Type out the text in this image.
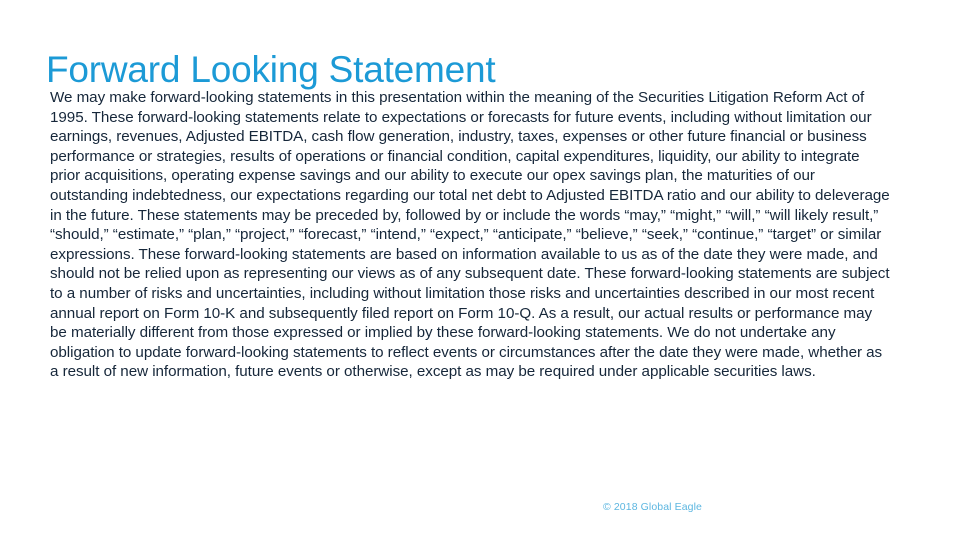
Forward Looking Statement

We may make forward-looking statements in this presentation within the meaning of the Securities Litigation Reform Act of 1995. These forward-looking statements relate to expectations or forecasts for future events, including without limitation our earnings, revenues, Adjusted EBITDA, cash flow generation, industry, taxes, expenses or other future financial or business performance or strategies, results of operations or financial condition, capital expenditures, liquidity, our ability to integrate prior acquisitions, operating expense savings and our ability to execute our opex savings plan, the maturities of our outstanding indebtedness, our expectations regarding our total net debt to Adjusted EBITDA ratio and our ability to deleverage in the future. These statements may be preceded by, followed by or include the words “may,” “might,” “will,” “will likely result,” “should,” “estimate,” “plan,” “project,” “forecast,” “intend,” “expect,” “anticipate,” “believe,” “seek,” “continue,” “target” or similar expressions. These forward-looking statements are based on information available to us as of the date they were made, and should not be relied upon as representing our views as of any subsequent date. These forward-looking statements are subject to a number of risks and uncertainties, including without limitation those risks and uncertainties described in our most recent annual report on Form 10-K and subsequently filed report on Form 10-Q. As a result, our actual results or performance may be materially different from those expressed or implied by these forward-looking statements. We do not undertake any obligation to update forward-looking statements to reflect events or circumstances after the date they were made, whether as a result of new information, future events or otherwise, except as may be required under applicable securities laws.

© 2018 Global Eagle
